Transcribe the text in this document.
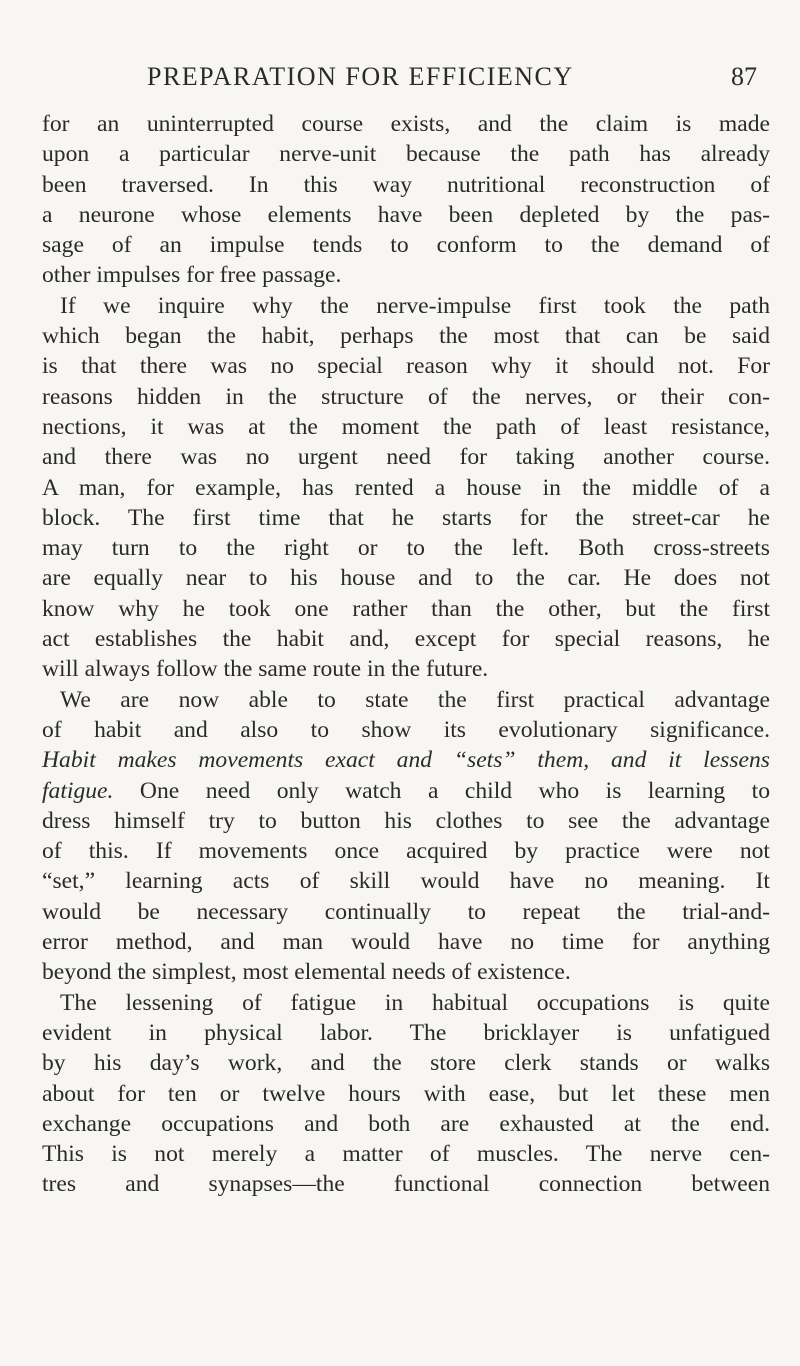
PREPARATION FOR EFFICIENCY	87
for an uninterrupted course exists, and the claim is made
upon a particular nerve-unit because the path has already
been traversed. In this way nutritional reconstruction of
a neurone whose elements have been depleted by the pas-
sage of an impulse tends to conform to the demand of
other impulses for free passage.
If we inquire why the nerve-impulse first took the path
which began the habit, perhaps the most that can be said
is that there was no special reason why it should not. For
reasons hidden in the structure of the nerves, or their con-
nections, it was at the moment the path of least resistance,
and there was no urgent need for taking another course.
A man, for example, has rented a house in the middle of a
block. The first time that he starts for the street-car he
may turn to the right or to the left. Both cross-streets
are equally near to his house and to the car. He does not
know why he took one rather than the other, but the first
act establishes the habit and, except for special reasons, he
will always follow the same route in the future.
We are now able to state the first practical advantage
of habit and also to show its evolutionary significance.
Habit makes movements exact and “sets” them, and it lessens
fatigue. One need only watch a child who is learning to
dress himself try to button his clothes to see the advantage
of this. If movements once acquired by practice were not
“set,” learning acts of skill would have no meaning. It
would be necessary continually to repeat the trial-and-
error method, and man would have no time for anything
beyond the simplest, most elemental needs of existence.
The lessening of fatigue in habitual occupations is quite
evident in physical labor. The bricklayer is unfatigued
by his day’s work, and the store clerk stands or walks
about for ten or twelve hours with ease, but let these men
exchange occupations and both are exhausted at the end.
This is not merely a matter of muscles. The nerve cen-
tres and synapses—the functional connection between
